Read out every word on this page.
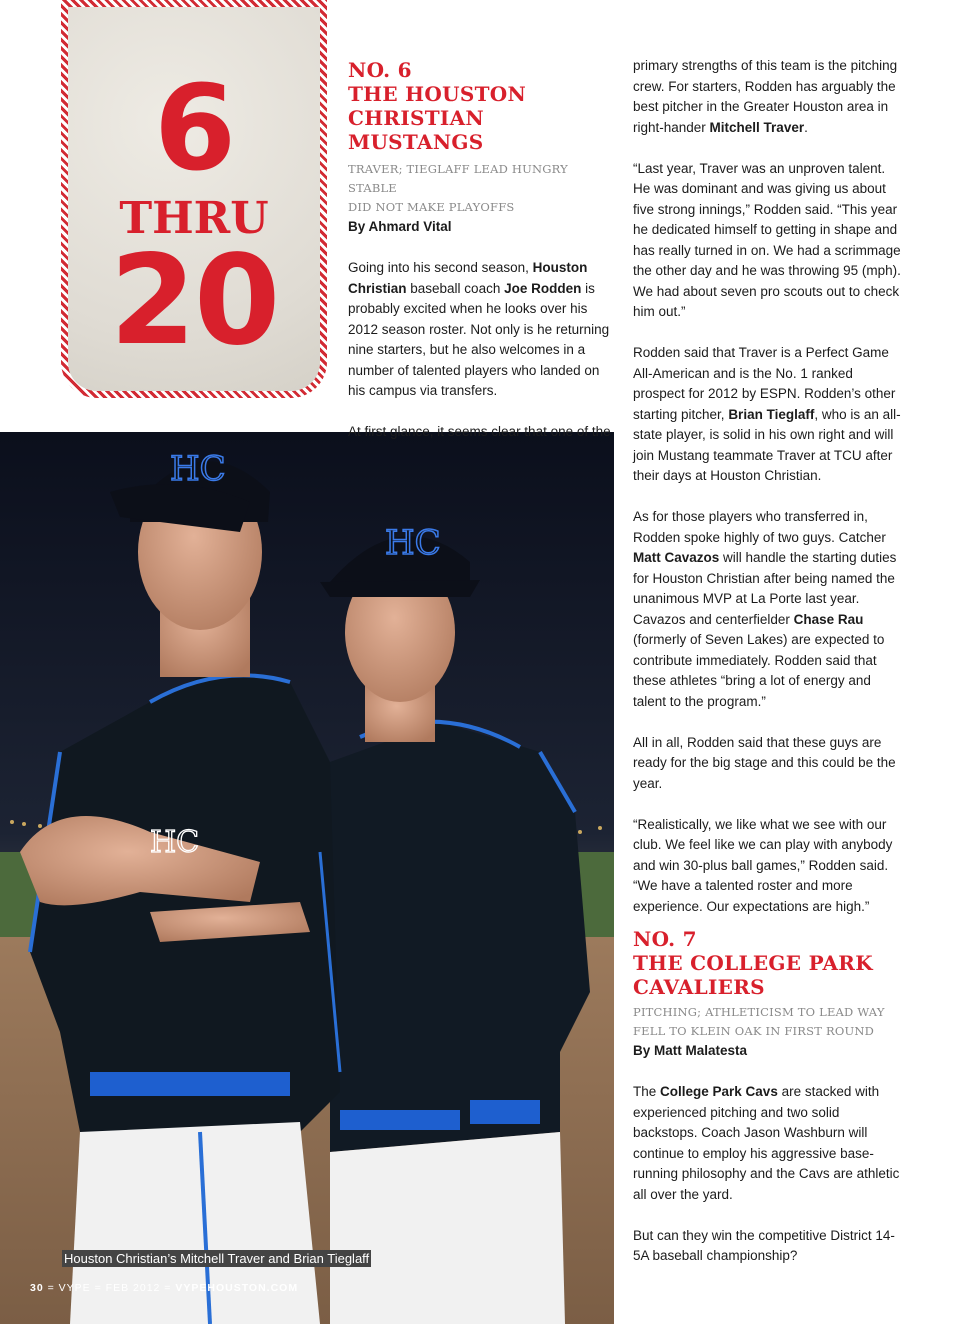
6
THRU
20
HC
HC
HC
Houston Christian’s Mitchell Traver and Brian Tieglaff
30 = VYPE = FEB 2012 = VYPEHOUSTON.COM
NO. 6
THE HOUSTON
CHRISTIAN MUSTANGS
TRAVER; TIEGLAFF LEAD HUNGRY STABLE
DID NOT MAKE PLAYOFFS

By Ahmard Vital

Going into his second season, Houston Christian baseball coach Joe Rodden is probably excited when he looks over his 2012 season roster. Not only is he returning nine starters, but he also welcomes in a number of talented players who landed on his campus via transfers.

At first glance, it seems clear that one of the

primary strengths of this team is the pitching crew. For starters, Rodden has arguably the best pitcher in the Greater Houston area in right-hander Mitchell Traver.

“Last year, Traver was an unproven talent. He was dominant and was giving us about five strong innings,” Rodden said. “This year he dedicated himself to getting in shape and has really turned in on. We had a scrimmage the other day and he was throwing 95 (mph). We had about seven pro scouts out to check him out.”

Rodden said that Traver is a Perfect Game All-American and is the No. 1 ranked prospect for 2012 by ESPN. Rodden’s other starting pitcher, Brian Tieglaff, who is an all-state player, is solid in his own right and will join Mustang teammate Traver at TCU after their days at Houston Christian.

As for those players who transferred in, Rodden spoke highly of two guys. Catcher Matt Cavazos will handle the starting duties for Houston Christian after being named the unanimous MVP at La Porte last year. Cavazos and centerfielder Chase Rau (formerly of Seven Lakes) are expected to contribute immediately. Rodden said that these athletes “bring a lot of energy and talent to the program.”

All in all, Rodden said that these guys are ready for the big stage and this could be the year.

“Realistically, we like what we see with our club. We feel like we can play with anybody and win 30-plus ball games,” Rodden said. “We have a talented roster and more experience. Our expectations are high.”

NO. 7
THE COLLEGE PARK
CAVALIERS
PITCHING; ATHLETICISM TO LEAD WAY
FELL TO KLEIN OAK IN FIRST ROUND

By Matt Malatesta

The College Park Cavs are stacked with experienced pitching and two solid backstops. Coach Jason Washburn will continue to employ his aggressive base-running philosophy and the Cavs are athletic all over the yard.

But can they win the competitive District 14-5A baseball championship?
